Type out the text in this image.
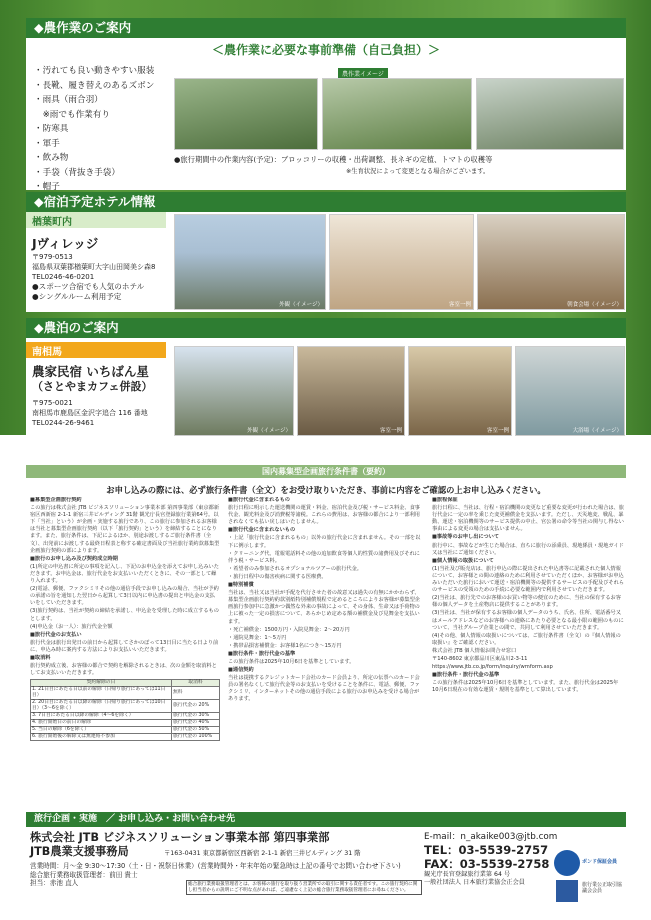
◆農作業のご案内
＜農作業に必要な事前準備（自己負担）＞
・汚れても良い動きやすい服装
・長靴、履き替えのあるズボン
・雨具（雨合羽）
　※雨でも作業有り
・防寒具
・軍手
・飲み物
・手袋（背抜き手袋）
・帽子
農作業イメージ
●旅行期間中の作業内容(予定)：ブロッコリーの収穫・出荷調整、長ネギの定植、トマトの収穫等
※生育状況によって変更となる場合がございます。
◆宿泊予定ホテル情報
楢葉町内
Jヴィレッジ
〒979-0513
福島県双葉郡楢葉町大字山田岡美シ森8
TEL0246-46-0201
●スポーツ合宿でも人気のホテル
●シングルルーム利用予定
外観（イメージ）	客室一例	朝食会場（イメージ）
◆農泊のご案内
南相馬
農家民宿 いちばん星
（さとやまカフェ併設）
〒975-0021
南相馬市鹿島区金沢字追合 116 番地
TEL0244-26-9461
外観（イメージ）	客室一例	客室一例	大浴場（イメージ）
国内募集型企画旅行条件書（要約）
お申し込みの際には、必ず旅行条件書（全文）をお受け取りいただき、事前に内容をご確認の上お申し込みください。

■募集型企画旅行契約

この旅行は株式会社 JTB ビジネスソリューション事業本部 第四事業部（東京都新宿区西新宿 2-1-1 新宿三井ビルディング 31階 観光庁長官登録旅行業第64号。以下「当社」という）が企画・実施する旅行であり、この旅行に参加されるお客様は当社と募集型企画旅行契約（以下「旅行契約」という）を締結することになります。また、旅行条件は、下記によるほか、別途お渡しするご旅行条件書（全文）、出発前にお渡しする最終日程表と称する確定書面及び当社旅行業約款募集型企画旅行契約の部によります。

■旅行のお申し込み及び契約成立時期

(1)所定の申込書に所定の事項を記入し、下記のお申込金を添えてお申し込みいただきます。お申込金は、旅行代金をお支払いいただくときに、その一部として繰り入れます。

(2)電話、郵便、ファクシミリその他の通信手段でお申し込みの場合、当社が予約の承諾の旨を通知した翌日から起算して3日以内に申込書の提出と申込金の支払いをしていただきます。

(3)旅行契約は、当社が契約の締結を承諾し、申込金を受理した時に成立するものとします。

(4)申込金（お一人）：旅行代金全額

■旅行代金のお支払い

旅行代金は旅行出発日の前日から起算してさかのぼって13日目に当たる日より前に、申込み時に案内する方法によりお支払いいただきます。

■取消料

旅行契約成立後、お客様の都合で契約を解除されるときは、次の金額を取消料としてお支払いいただきます。

契約解除の日	取消料
1. 21日目にあたる日以前の解除（日帰り旅行にあっては11日目）	無料
2. 20日目にあたる日以降の解除（日帰り旅行にあっては10日目）（3～6を除く）	旅行代金の 20%
3. 7日目にあたる日以降の解除（4～6を除く）	旅行代金の 30%
4. 旅行開始日の前日の解除	旅行代金の 40%
5. 当日の解除（6を除く）	旅行代金の 50%
6. 旅行開始後の解除又は無連絡不参加	旅行代金の 100%

■旅行代金に含まれるもの

旅行日程に明示した運送機関の運賃・料金、宿泊代金及び税・サービス料金、食事代金、観光料金及び消費税等諸税。これらの費用は、お客様の都合により一部利用されなくても払い戻しはいたしません。

■旅行代金に含まれないもの

・上記「旅行代金に含まれるもの」以外の旅行代金に含まれません。その一部を以下に例示します。

・クリーニング代、電報電話料その他の追加飲食等個人的性質の諸費用及びそれに伴う税・サービス料。

・希望者のみ参加されるオプショナルツアーの旅行代金。

・旅行日程中の傷害疾病に関する医療費。

■特別補償

当社は、当社又は当社が手配を代行させた者の故意又は過失の有無にかかわらず、募集型企画旅行契約約款別紙特別補償規程で定めるところによりお客様が募集型企画旅行参加中に急激かつ偶然な外来の事故によって、その身体、生命又は手荷物の上に被った一定の損害について、あらかじめ定める額の補償金及び見舞金を支払います。

・死亡補償金：1500万円・入院見舞金：2～20万円

・通院見舞金：1～5万円

・携帯品損害補償金：お客様1名につき～15万円

■旅行条件・旅行代金の基準

この旅行条件は2025年10月6日を基準としています。

■通信契約

当社は提携するクレジットカード会社のカード会員より、所定の伝票へのカード会員の署名なくして旅行代金等のお支払いを受けることを条件に、電話、郵便、ファクシミリ、インターネットその他の通信手段による旅行のお申込みを受ける場合があります。

■旅程保証

旅行日程に、当社は、行程・宿泊機関の変更など重要な変更が行われた場合は、旅行代金に一定の率を乗じた変更補償金を支払います。ただし、天災地変、戦乱、暴動、運送・宿泊機関等のサービス提供の中止、官公署の命令等当社の関与し得ない事由による変更の場合は支払いません。

■事故等のお申し出について

旅行中に、事故などが生じた場合は、直ちに旅行の添乗員、現地係員・現地ガイド又は当社にご通知ください。

■個人情報の取扱について

(1)当社及び販売店は、旅行申込の際に提出された申込書等に記載された個人情報について、お客様との間の連絡のために利用させていただくほか、お客様がお申込みいただいた旅行において運送・宿泊機関等の提供するサービスの手配及びそれらのサービスの受領のための手続に必要な範囲内で利用させていただきます。

(2)当社は、旅行先でのお客様のお買い物等の便宜のために、当社の保有するお客様の個人データを土産物店に提供することがあります。

(3)当社は、当社が保有するお客様の個人データのうち、氏名、住所、電話番号又はメールアドレスなどのお客様への連絡にあたり必要となる最小限の範囲のものについて、当社グループ企業との間で、共同して利用させていただきます。

(4)その他、個人情報の取扱いについては、ご旅行条件書（全文）の『個人情報の取扱い』をご確認ください。

株式会社 JTB 個人情報お問合せ窓口

〒140-8602 東京都品川区東品川2-3-11

https://www.jtb.co.jp/form/inquiry/wmform.asp

■旅行条件・旅行代金の基準

この旅行条件は2025年10月6日を基準としています。また、旅行代金は2025年10月6日現在の有効な運賃・規則を基準として算出しています。

旅行企画・実施　／ お申し込み・お問い合わせ先
株式会社 JTB ビジネスソリューション事業本部 第四事業部
JTB農業支援事務局	〒163-0431 東京都新宿区西新宿 2-1-1 新宿三井ビルディング 31 階
営業時間：月～金 9:30～17:30（土・日・祝祭日休業）(営業時間外・年末年始の緊急時は上記の番号でお問い合わせ下さい)
総合旅行業務取扱管理者：前田 貴士
担当：赤池 直人	総合旅行業務取扱管理者とは、お客様の旅行を取り扱う営業所での取引に関する責任者です。この旅行契約に関し担当者からの説明にご不明な点があれば、ご遠慮なく上記の総合旅行業務取扱管理者にお尋ねください。
E-mail：n_akaike003@jtb.com
TEL：03-5539-2757
FAX：03-5539-2758
観光庁長官登録旅行業第 64 号
一般社団法人 日本旅行業協会正会員
ボンド保証会員
旅行業公正取引協議会会員
